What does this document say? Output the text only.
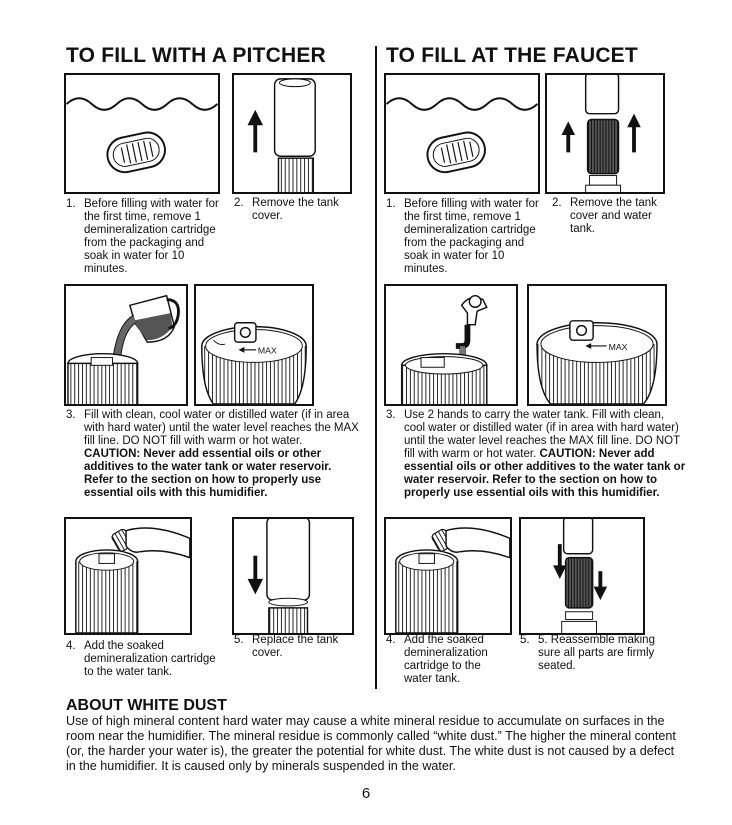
TO FILL WITH A PITCHER	TO FILL AT THE FAUCET
1. Before filling with water for the first time, remove 1 demineralization cartridge from the packaging and soak in water for 10 minutes.
2. Remove the tank cover.
MAX
3. Fill with clean, cool water or distilled water (if in area with hard water) until the water level reaches the MAX fill line. DO NOT fill with warm or hot water. CAUTION: Never add essential oils or other additives to the water tank or water reservoir. Refer to the section on how to properly use essential oils with this humidifier.
4. Add the soaked demineralization cartridge to the water tank.
5. Replace the tank cover.
1. Before filling with water for the first time, remove 1 demineralization cartridge from the packaging and soak in water for 10 minutes.
2. Remove the tank cover and water tank.
MAX
3. Use 2 hands to carry the water tank. Fill with clean, cool water or distilled water (if in area with hard water) until the water level reaches the MAX fill line. DO NOT fill with warm or hot water. CAUTION: Never add essential oils or other additives to the water tank or water reservoir. Refer to the section on how to properly use essential oils with this humidifier.
4. Add the soaked demineralization cartridge to the water tank.
5. 5. Reassemble making sure all parts are firmly seated.
ABOUT WHITE DUST
Use of high mineral content hard water may cause a white mineral residue to accumulate on surfaces in the room near the humidifier. The mineral residue is commonly called “white dust.” The higher the mineral content (or, the harder your water is), the greater the potential for white dust. The white dust is not caused by a defect in the humidifier. It is caused only by minerals suspended in the water.
6
